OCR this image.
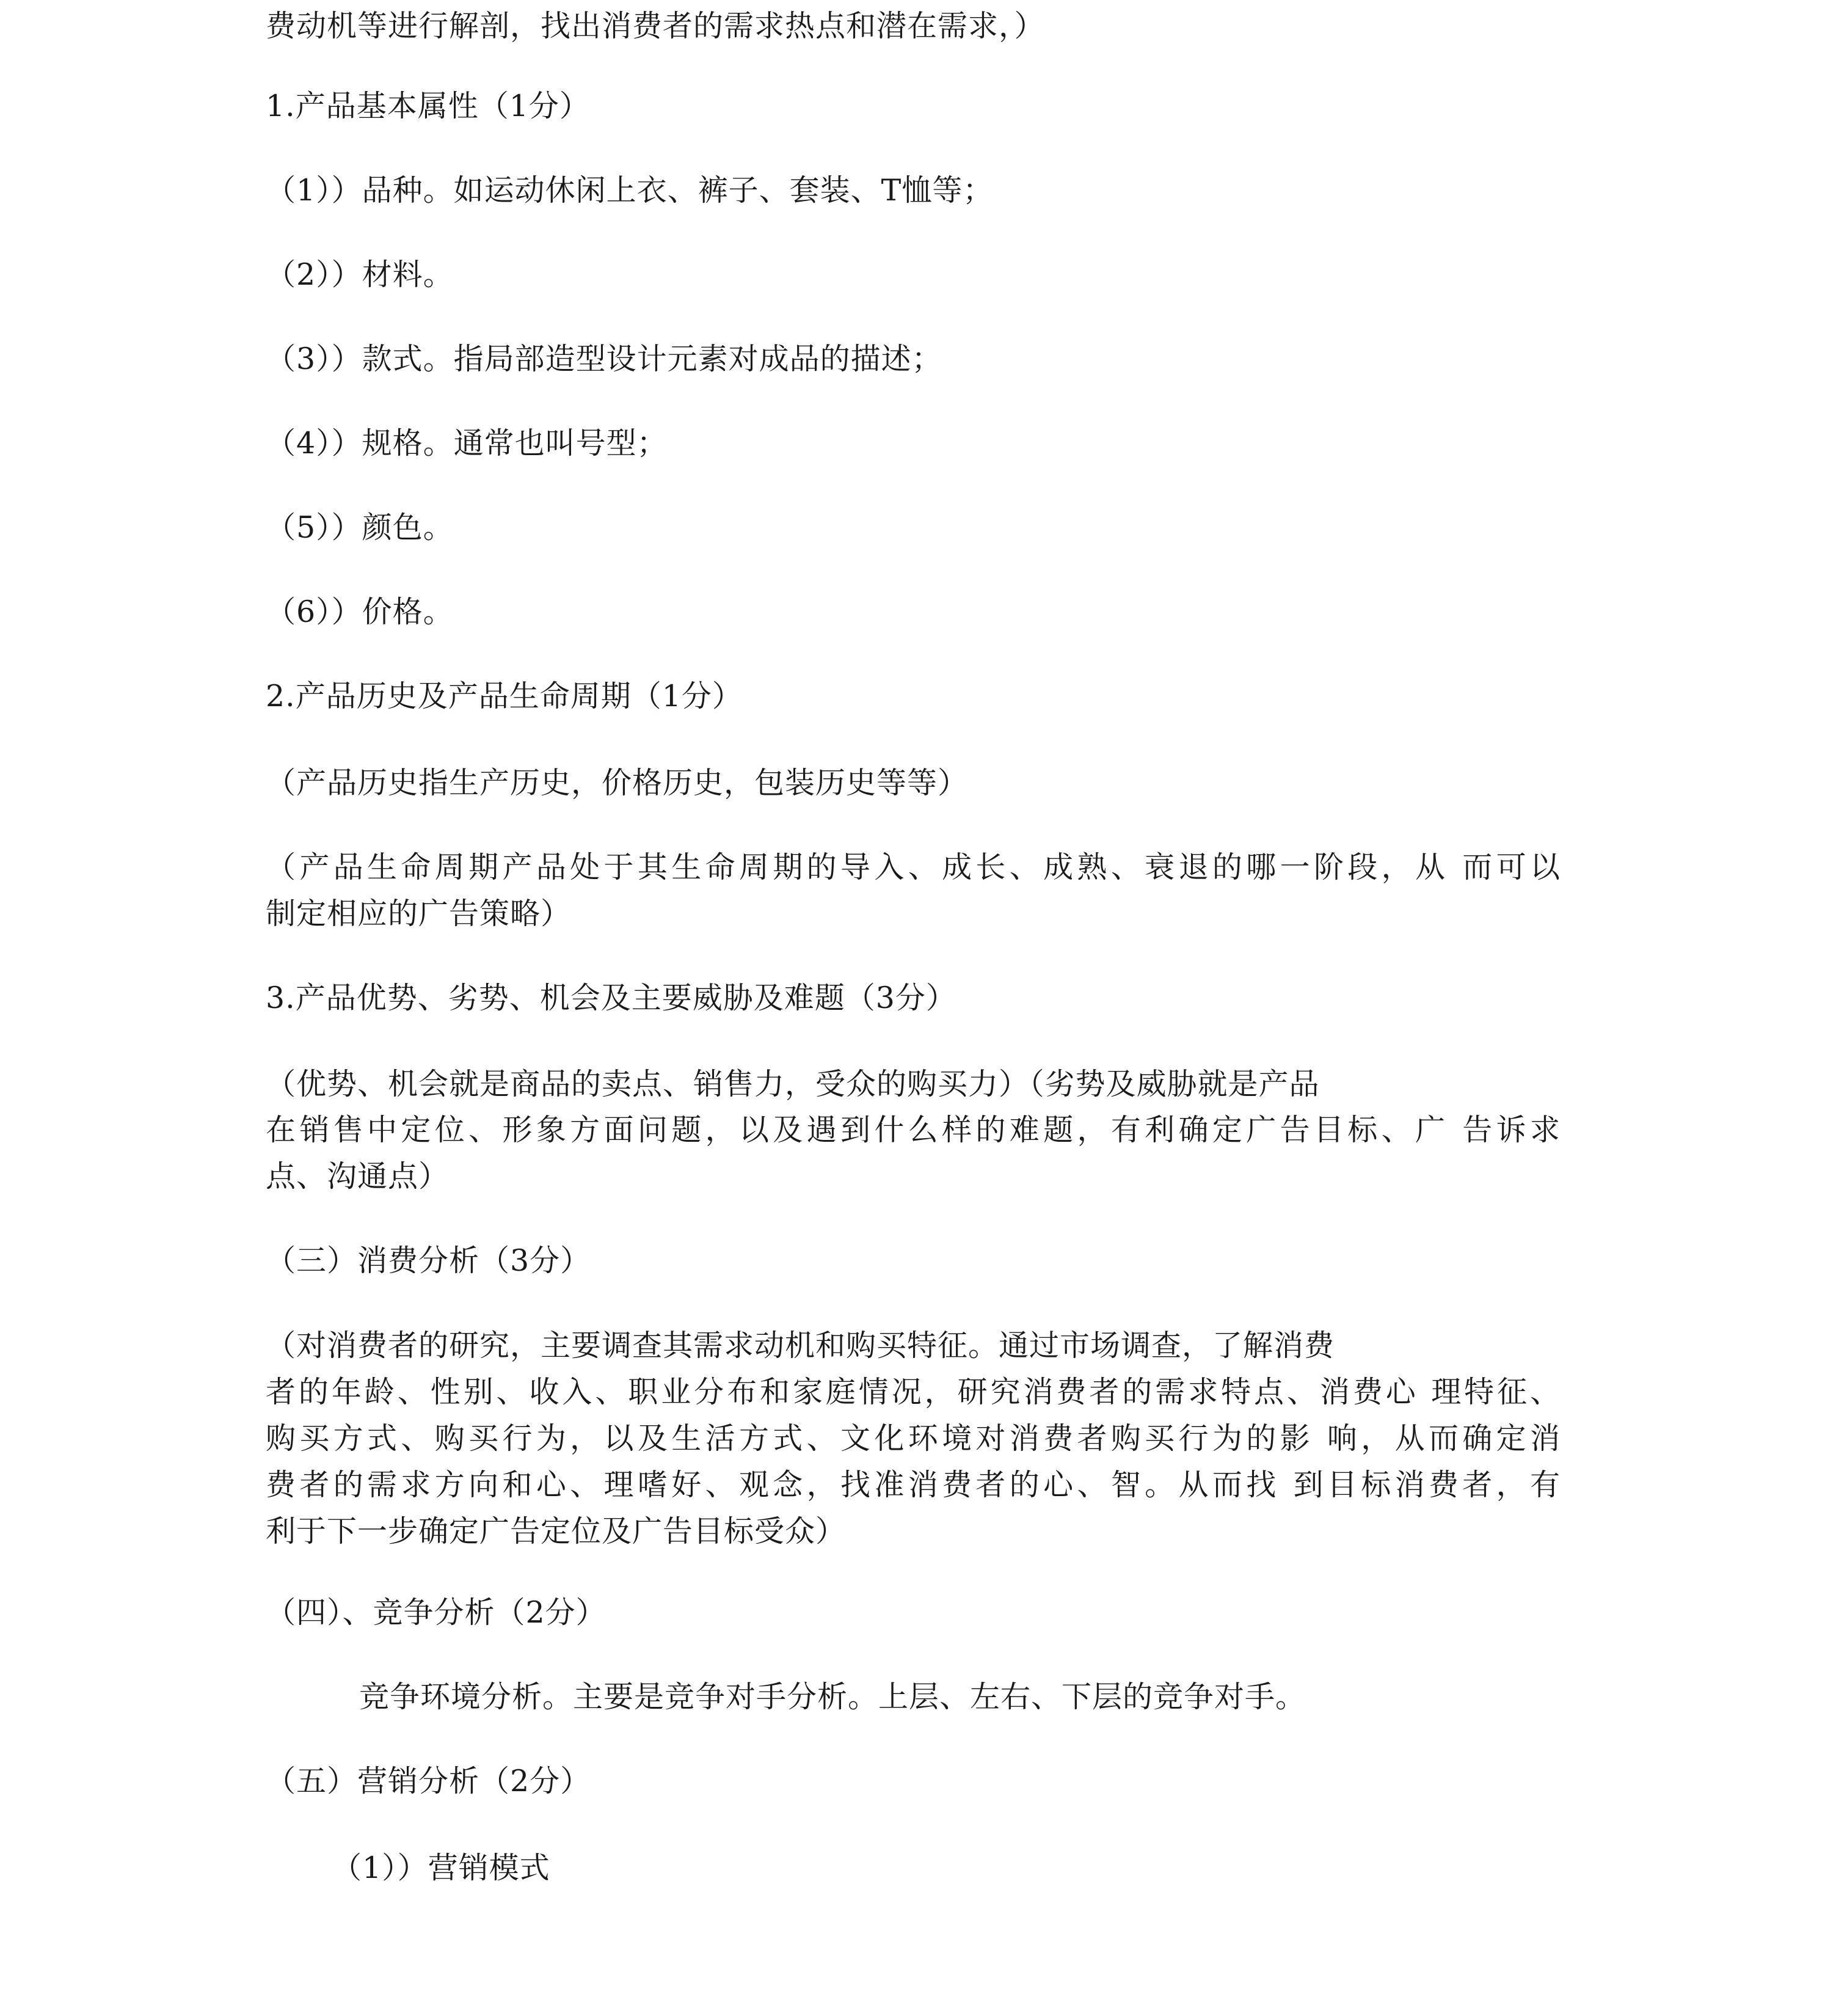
费动机等进行解剖，找出消费者的需求热点和潜在需求，）
1.产品基本属性（1分）
（1））品种。如运动休闲上衣、裤子、套装、T恤等；
（2））材料。
（3））款式。指局部造型设计元素对成品的描述；
（4））规格。通常也叫号型；
（5））颜色。
（6））价格。
2.产品历史及产品生命周期（1分）
（产品历史指生产历史，价格历史，包装历史等等）
（产品生命周期产品处于其生命周期的导入、成长、成熟、衰退的哪一阶段，从 而可以
制定相应的广告策略）
3.产品优势、劣势、机会及主要威胁及难题（3分）
（优势、机会就是商品的卖点、销售力，受众的购买力）（劣势及威胁就是产品
在销售中定位、形象方面问题，以及遇到什么样的难题，有利确定广告目标、广 告诉求
点、沟通点）
（三）消费分析（3分）
（对消费者的研究，主要调查其需求动机和购买特征。通过市场调查，了解消费
者的年龄、性别、收入、职业分布和家庭情况，研究消费者的需求特点、消费心 理特征、
购买方式、购买行为，以及生活方式、文化环境对消费者购买行为的影 响，从而确定消
费者的需求方向和心、理嗜好、观念，找准消费者的心、智。从而找 到目标消费者，有
利于下一步确定广告定位及广告目标受众）
（四）、竞争分析（2分）
竞争环境分析。主要是竞争对手分析。上层、左右、下层的竞争对手。
（五）营销分析（2分）
（1））营销模式
